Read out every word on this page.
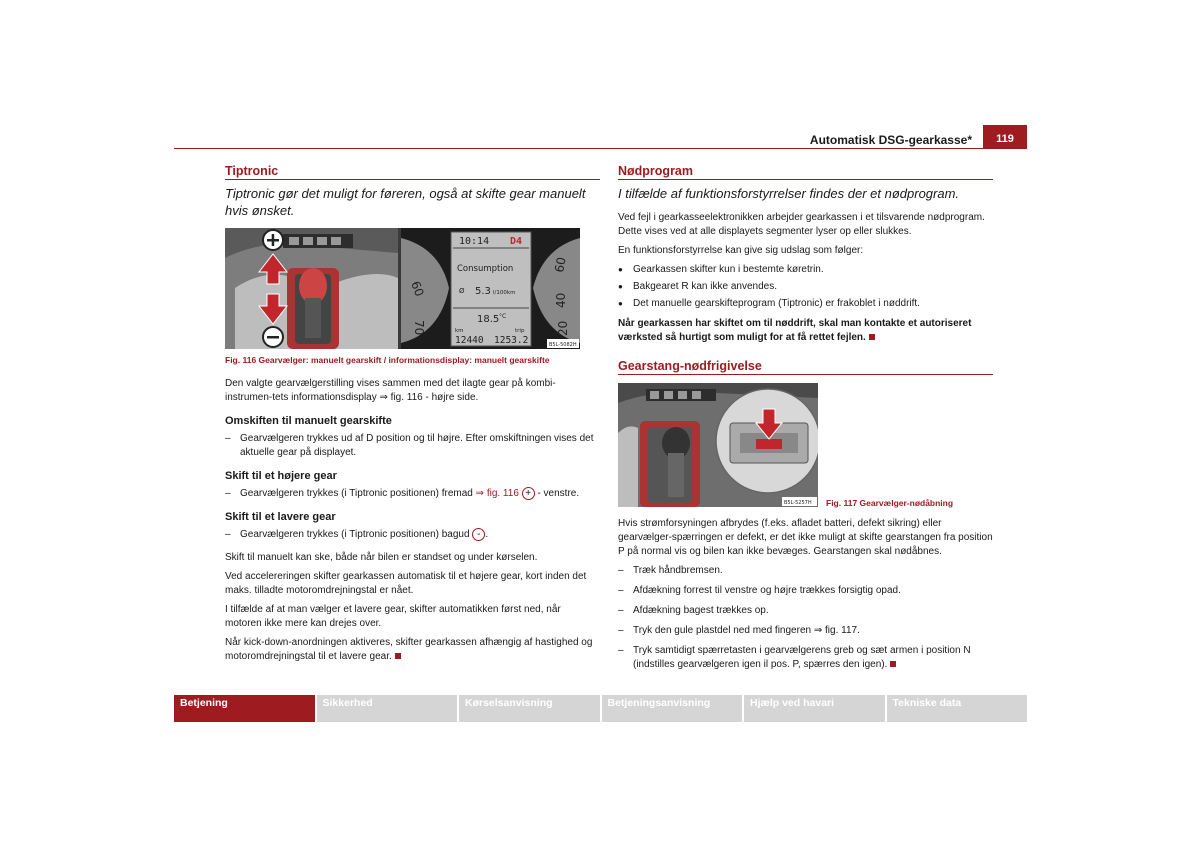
Automatisk DSG-gearkasse*	119
Tiptronic
Tiptronic gør det muligt for føreren, også at skifte gear manuelt hvis ønsket.
60
70
60
40
20
10:14 D4
Consumption
Ø 5.3 l/100km
18.5 °C
km	trip
12440 1253.2	B5L-5082H
Fig. 116 Gearvælger: manuelt gearskift / informationsdisplay: manuelt gearskifte

Den valgte gearvælgerstilling vises sammen med det ilagte gear på kombi-instrumen-tets informationsdisplay ⇒ fig. 116 - højre side.

Omskiften til manuelt gearskifte
– Gearvælgeren trykkes ud af D position og til højre. Efter omskiftningen vises det aktuelle gear på displayet.
Skift til et højere gear
– Gearvælgeren trykkes (i Tiptronic positionen) fremad ⇒ fig. 116 + - venstre.
Skift til et lavere gear
– Gearvælgeren trykkes (i Tiptronic positionen) bagud - .

Skift til manuelt kan ske, både når bilen er standset og under kørselen.

Ved accelereringen skifter gearkassen automatisk til et højere gear, kort inden det maks. tilladte motoromdrejningstal er nået.

I tilfælde af at man vælger et lavere gear, skifter automatikken først ned, når motoren ikke mere kan drejes over.

Når kick-down-anordningen aktiveres, skifter gearkassen afhængig af hastighed og motoromdrejningstal til et lavere gear.

Nødprogram
I tilfælde af funktionsforstyrrelser findes der et nødprogram.

Ved fejl i gearkasseelektronikken arbejder gearkassen i et tilsvarende nødprogram. Dette vises ved at alle displayets segmenter lyser op eller slukkes.

En funktionsforstyrrelse kan give sig udslag som følger:

● Gearkassen skifter kun i bestemte køretrin.
● Bakgearet R kan ikke anvendes.
● Det manuelle gearskifteprogram (Tiptronic) er frakoblet i nøddrift.

Når gearkassen har skiftet om til nøddrift, skal man kontakte et autoriseret værksted så hurtigt som muligt for at få rettet fejlen.

Gearstang-nødfrigivelse
B5L-5257H Fig. 117 Gearvælger-nødåbning

Hvis strømforsyningen afbrydes (f.eks. afladet batteri, defekt sikring) eller gearvælger-spærringen er defekt, er det ikke muligt at skifte gearstangen fra position P på normal vis og bilen kan ikke bevæges. Gearstangen skal nødåbnes.

– Træk håndbremsen.
– Afdækning forrest til venstre og højre trækkes forsigtig opad.
– Afdækning bagest trækkes op.
– Tryk den gule plastdel ned med fingeren ⇒ fig. 117.
– Tryk samtidigt spærretasten i gearvælgerens greb og sæt armen i position N (indstilles gearvælgeren igen il pos. P, spærres den igen).
Betjening	Sikkerhed	Kørselsanvisning	Betjeningsanvisning	Hjælp ved havari	Tekniske data
